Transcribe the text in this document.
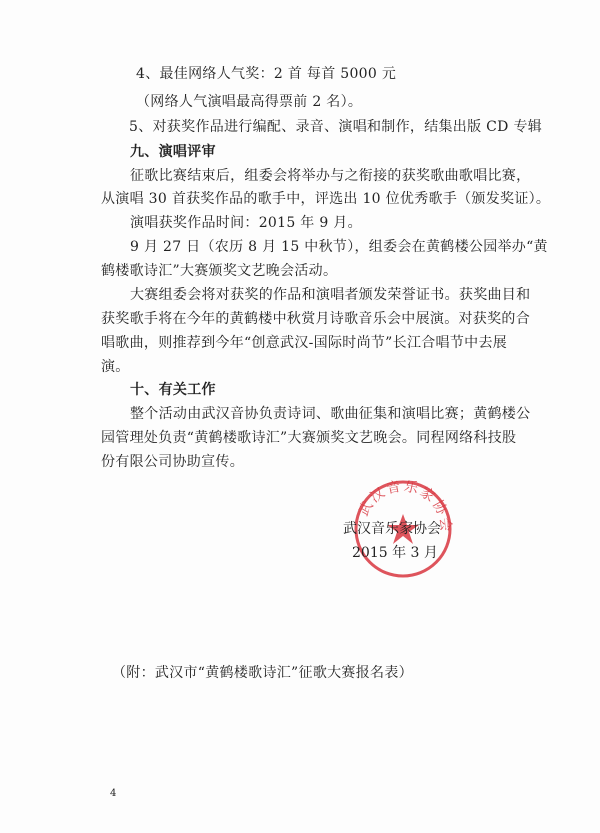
4、最佳网络人气奖：2 首 每首 5000 元
（网络人气演唱最高得票前 2 名）。
5、对获奖作品进行编配、录音、演唱和制作，结集出版 CD 专辑
九、演唱评审
征歌比赛结束后，组委会将举办与之衔接的获奖歌曲歌唱比赛，
从演唱 30 首获奖作品的歌手中，评选出 10 位优秀歌手（颁发奖证）。
演唱获奖作品时间：2015 年 9 月。
9 月 27 日（农历 8 月 15 中秋节），组委会在黄鹤楼公园举办“黄
鹤楼歌诗汇”大赛颁奖文艺晚会活动。
大赛组委会将对获奖的作品和演唱者颁发荣誉证书。获奖曲目和
获奖歌手将在今年的黄鹤楼中秋赏月诗歌音乐会中展演。对获奖的合
唱歌曲，则推荐到今年“创意武汉-国际时尚节”长江合唱节中去展
演。
十、有关工作
整个活动由武汉音协负责诗词、歌曲征集和演唱比赛；黄鹤楼公
园管理处负责“黄鹤楼歌诗汇”大赛颁奖文艺晚会。同程网络科技股
份有限公司协助宣传。
武汉音乐家协会
武汉音乐家协会
2015 年 3 月
（附：武汉市“黄鹤楼歌诗汇”征歌大赛报名表）
4
